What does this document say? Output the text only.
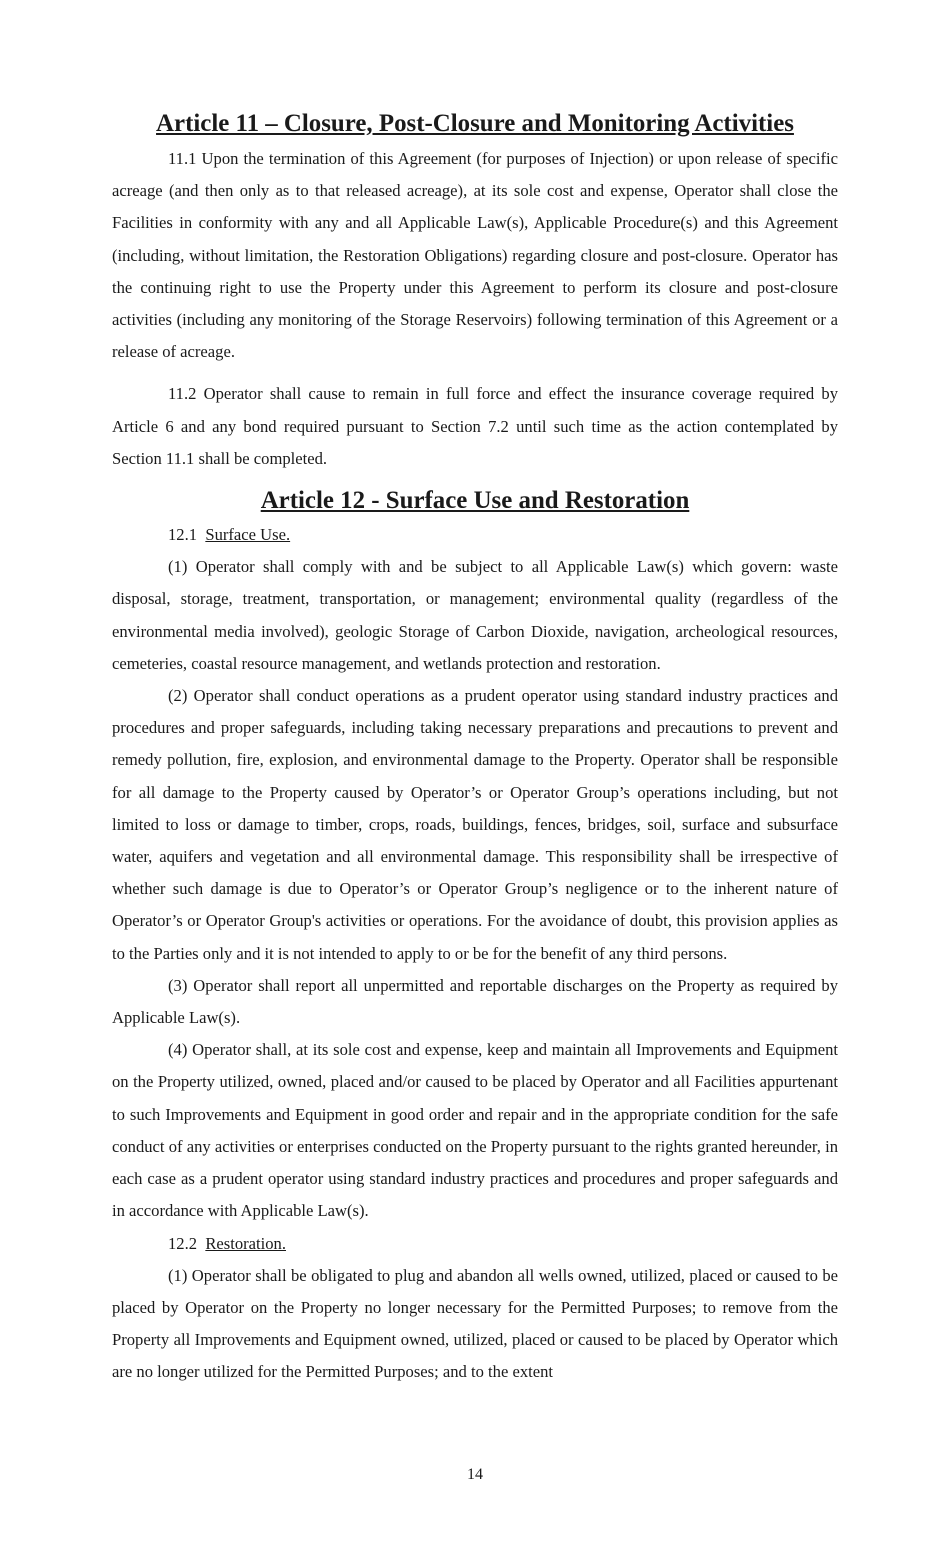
Article 11 – Closure, Post-Closure and Monitoring Activities

11.1 Upon the termination of this Agreement (for purposes of Injection) or upon release of specific acreage (and then only as to that released acreage), at its sole cost and expense, Operator shall close the Facilities in conformity with any and all Applicable Law(s), Applicable Procedure(s) and this Agreement (including, without limitation, the Restoration Obligations) regarding closure and post-closure. Operator has the continuing right to use the Property under this Agreement to perform its closure and post-closure activities (including any monitoring of the Storage Reservoirs) following termination of this Agreement or a release of acreage.

11.2 Operator shall cause to remain in full force and effect the insurance coverage required by Article 6 and any bond required pursuant to Section 7.2 until such time as the action contemplated by Section 11.1 shall be completed.

Article 12 - Surface Use and Restoration
12.1 Surface Use.

(1) Operator shall comply with and be subject to all Applicable Law(s) which govern: waste disposal, storage, treatment, transportation, or management; environmental quality (regardless of the environmental media involved), geologic Storage of Carbon Dioxide, navigation, archeological resources, cemeteries, coastal resource management, and wetlands protection and restoration.

(2) Operator shall conduct operations as a prudent operator using standard industry practices and procedures and proper safeguards, including taking necessary preparations and precautions to prevent and remedy pollution, fire, explosion, and environmental damage to the Property. Operator shall be responsible for all damage to the Property caused by Operator’s or Operator Group’s operations including, but not limited to loss or damage to timber, crops, roads, buildings, fences, bridges, soil, surface and subsurface water, aquifers and vegetation and all environmental damage. This responsibility shall be irrespective of whether such damage is due to Operator’s or Operator Group’s negligence or to the inherent nature of Operator’s or Operator Group's activities or operations. For the avoidance of doubt, this provision applies as to the Parties only and it is not intended to apply to or be for the benefit of any third persons.

(3) Operator shall report all unpermitted and reportable discharges on the Property as required by Applicable Law(s).

(4) Operator shall, at its sole cost and expense, keep and maintain all Improvements and Equipment on the Property utilized, owned, placed and/or caused to be placed by Operator and all Facilities appurtenant to such Improvements and Equipment in good order and repair and in the appropriate condition for the safe conduct of any activities or enterprises conducted on the Property pursuant to the rights granted hereunder, in each case as a prudent operator using standard industry practices and procedures and proper safeguards and in accordance with Applicable Law(s).

12.2 Restoration.

(1) Operator shall be obligated to plug and abandon all wells owned, utilized, placed or caused to be placed by Operator on the Property no longer necessary for the Permitted Purposes; to remove from the Property all Improvements and Equipment owned, utilized, placed or caused to be placed by Operator which are no longer utilized for the Permitted Purposes; and to the extent

14
